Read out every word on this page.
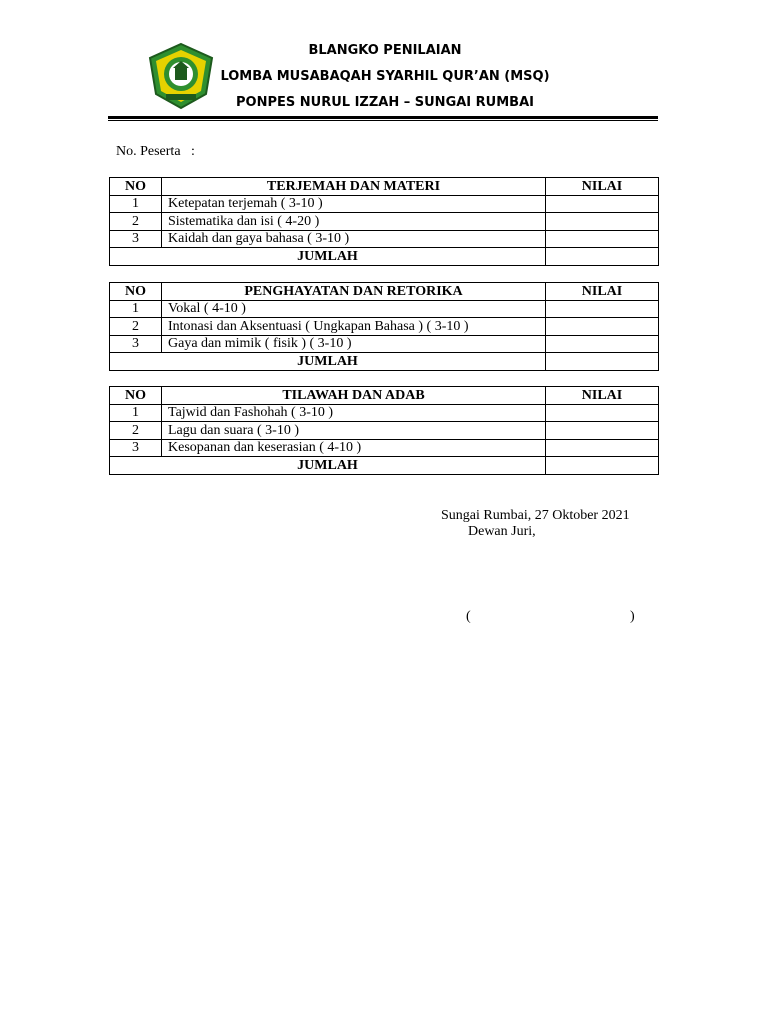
BLANGKO PENILAIAN
LOMBA MUSABAQAH SYARHIL QUR’AN (MSQ)
PONPES NURUL IZZAH – SUNGAI RUMBAI
No. Peserta :
NO	TERJEMAH DAN MATERI	NILAI
1	Ketepatan terjemah ( 3-10 )	
2	Sistematika dan isi ( 4-20 )	
3	Kaidah dan gaya bahasa ( 3-10 )	
JUMLAH		
NO	PENGHAYATAN DAN RETORIKA	NILAI
1	Vokal ( 4-10 )	
2	Intonasi dan Aksentuasi ( Ungkapan Bahasa ) ( 3-10 )	
3	Gaya dan mimik ( fisik ) ( 3-10 )	
JUMLAH		
NO	TILAWAH DAN ADAB	NILAI
1	Tajwid dan Fashohah ( 3-10 )	
2	Lagu dan suara ( 3-10 )	
3	Kesopanan dan keserasian ( 4-10 )	
JUMLAH		
Sungai Rumbai, 27 Oktober 2021
Dewan Juri,
(	)
